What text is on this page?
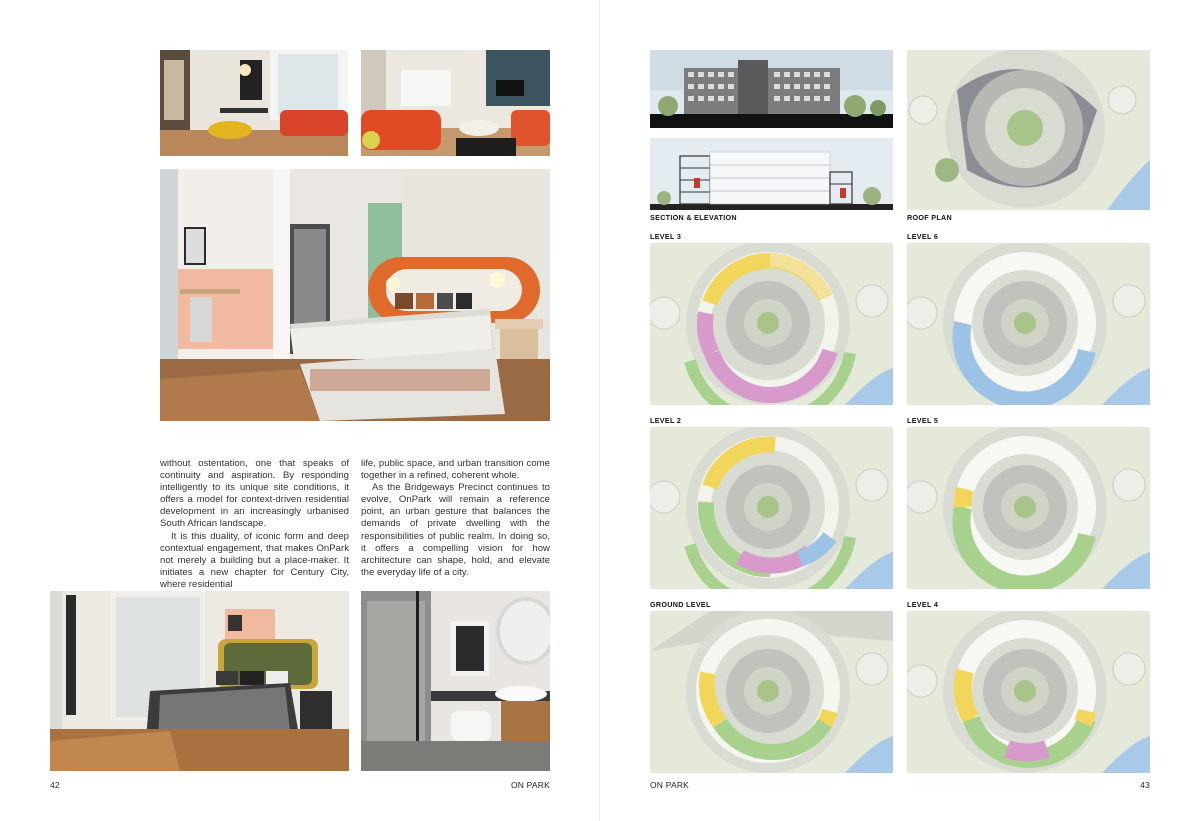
without ostentation, one that speaks of continuity and aspiration. By responding intelligently to its unique site conditions, it offers a model for context-driven residential development in an increasingly urbanised South African landscape.

It is this duality, of iconic form and deep contextual engagement, that makes OnPark not merely a building but a place-maker. It initiates a new chapter for Century City, where residential

life, public space, and urban transition come together in a refined, coherent whole.

As the Bridgeways Precinct continues to evolve, OnPark will remain a reference point, an urban gesture that balances the demands of private dwelling with the responsibilities of public realm. In doing so, it offers a compelling vision for how architecture can shape, hold, and elevate the everyday life of a city.

42	ON PARK
SECTION & ELEVATION	ROOF PLAN
LEVEL 3	LEVEL 6
LEVEL 2	LEVEL 5
GROUND LEVEL	LEVEL 4
ON PARK	43
